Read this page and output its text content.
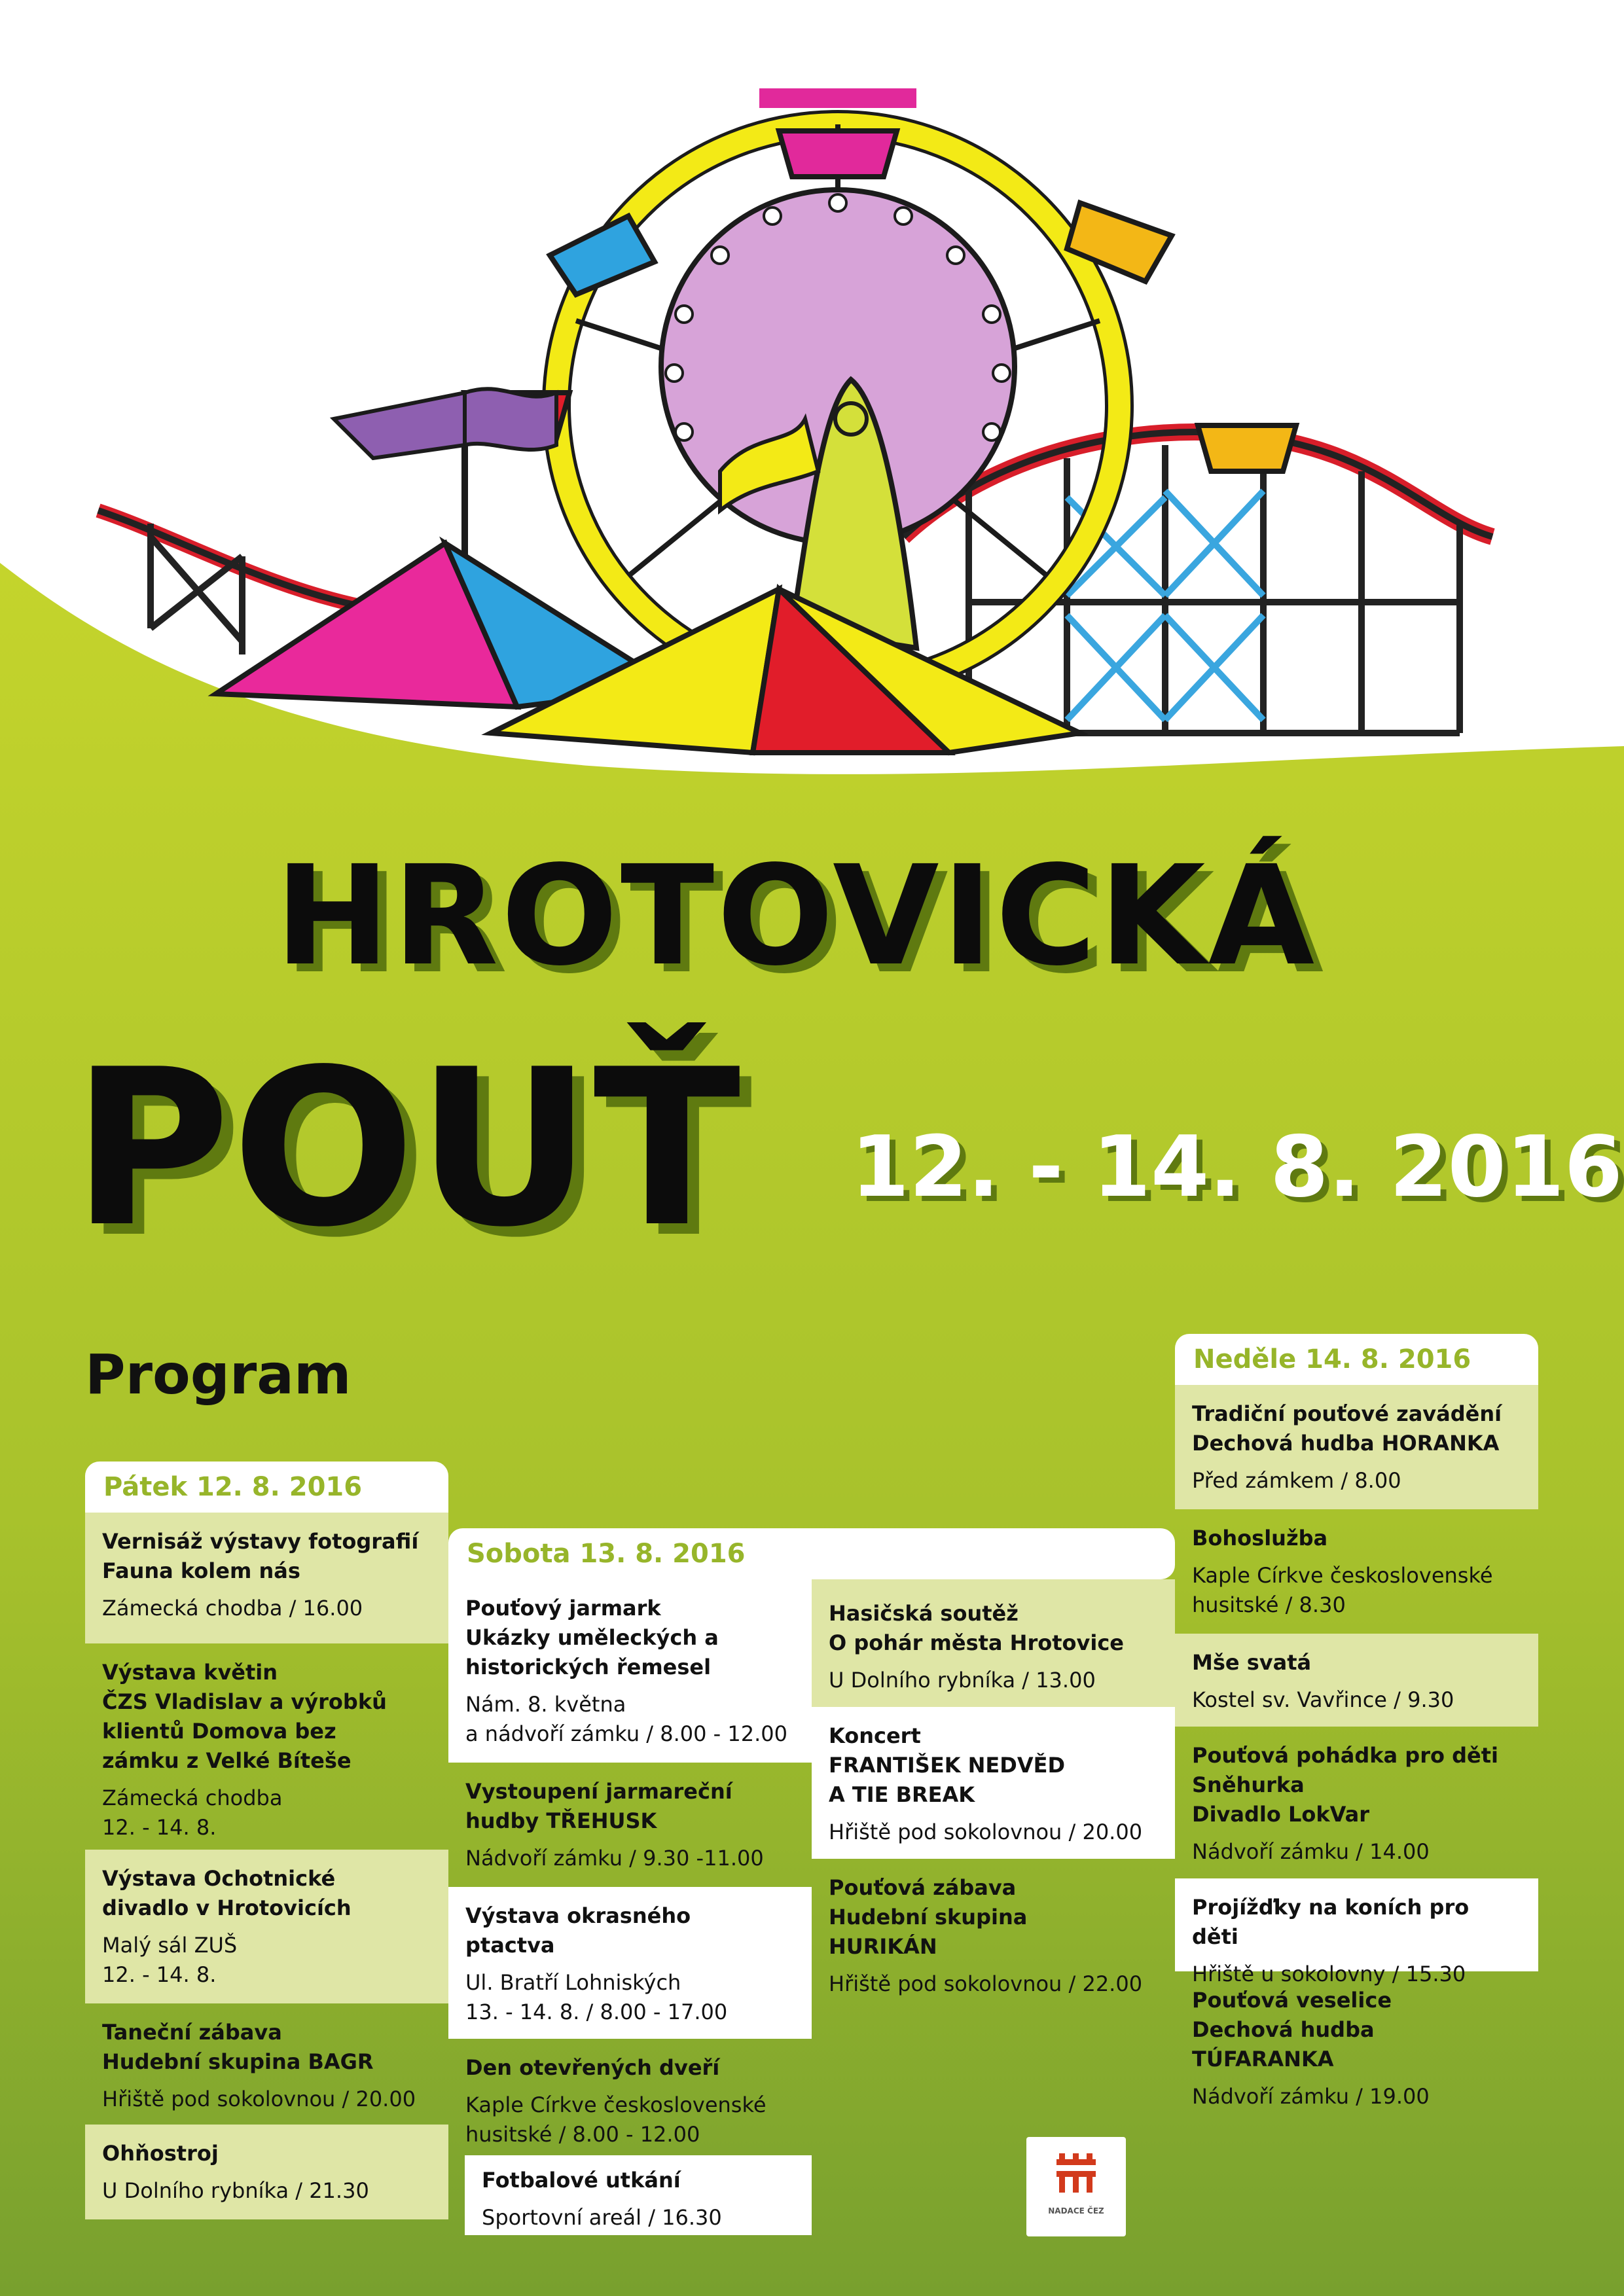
HROTOVICKÁ
POUŤ	12. - 14. 8. 2016
Program
Pátek 12. 8. 2016
Vernisáž výstavy fotografií
Fauna kolem nás
Zámecká chodba / 16.00
Výstava květin
ČZS Vladislav a výrobků
klientů Domova bez
zámku z Velké Bíteše
Zámecká chodba
12. - 14. 8.
Výstava Ochotnické
divadlo v Hrotovicích
Malý sál ZUŠ
12. - 14. 8.
Taneční zábava
Hudební skupina BAGR
Hřiště pod sokolovnou / 20.00
Ohňostroj
U Dolního rybníka / 21.30
Sobota 13. 8. 2016
Pouťový jarmark
Ukázky uměleckých a
historických řemesel
Nám. 8. května
a nádvoří zámku / 8.00 - 12.00
Vystoupení jarmareční
hudby TŘEHUSK
Nádvoří zámku / 9.30 -11.00
Výstava okrasného
ptactva
Ul. Bratří Lohniských
13. - 14. 8. / 8.00 - 17.00
Den otevřených dveří
Kaple Církve československé
husitské / 8.00 - 12.00
Fotbalové utkání
Sportovní areál / 16.30
Hasičská soutěž
O pohár města Hrotovice
U Dolního rybníka / 13.00
Koncert
FRANTIŠEK NEDVĚD
A TIE BREAK
Hřiště pod sokolovnou / 20.00
Pouťová zábava
Hudební skupina
HURIKÁN
Hřiště pod sokolovnou / 22.00
Neděle 14. 8. 2016
Tradiční pouťové zavádění
Dechová hudba HORANKA
Před zámkem / 8.00
Bohoslužba
Kaple Církve československé
husitské / 8.30
Mše svatá
Kostel sv. Vavřince / 9.30
Pouťová pohádka pro děti
Sněhurka
Divadlo LokVar
Nádvoří zámku / 14.00
Projížďky na koních pro děti
Hřiště u sokolovny / 15.30
Pouťová veselice
Dechová hudba
TÚFARANKA
Nádvoří zámku / 19.00
NADACE ČEZ
